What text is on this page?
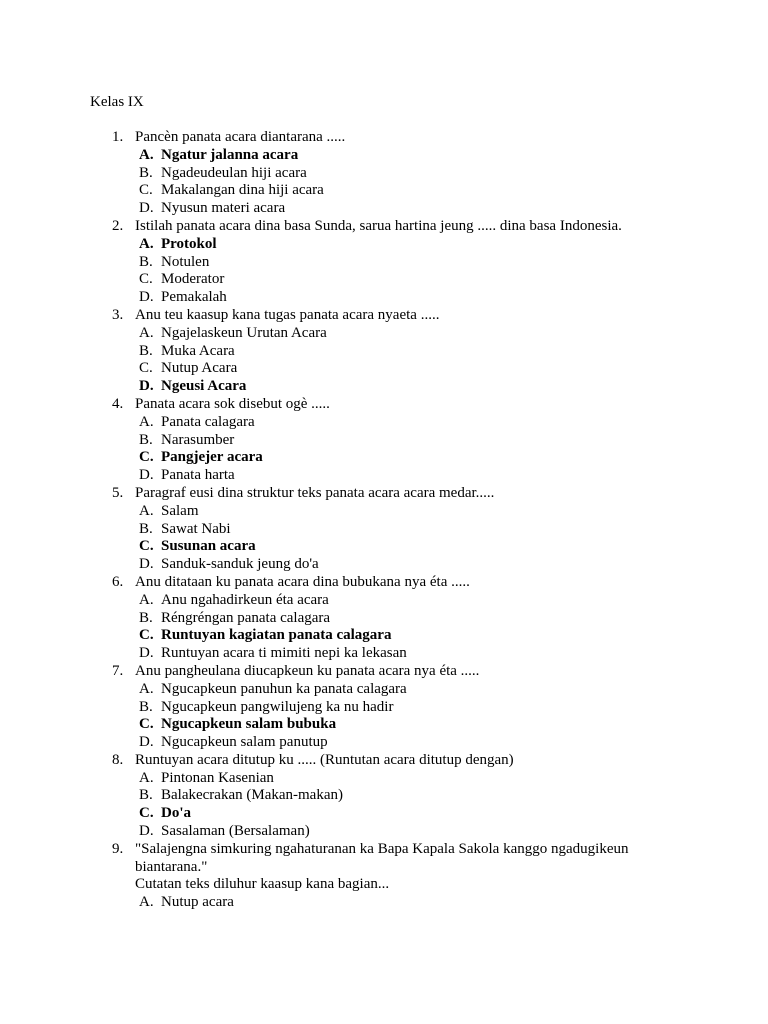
Kelas IX
1. Pancèn panata acara diantarana .....
A. Ngatur jalanna acara
B. Ngadeudeulan hiji acara
C. Makalangan dina hiji acara
D. Nyusun materi acara
2. Istilah panata acara dina basa Sunda, sarua hartina jeung ..... dina basa Indonesia.
A. Protokol
B. Notulen
C. Moderator
D. Pemakalah
3. Anu teu kaasup kana tugas panata acara nyaeta .....
A. Ngajelaskeun Urutan Acara
B. Muka Acara
C. Nutup Acara
D. Ngeusi Acara
4. Panata acara sok disebut ogè .....
A. Panata calagara
B. Narasumber
C. Pangjejer acara
D. Panata harta
5. Paragraf eusi dina struktur teks panata acara acara medar.....
A. Salam
B. Sawat Nabi
C. Susunan acara
D. Sanduk-sanduk jeung do'a
6. Anu ditataan ku panata acara dina bubukana nya éta .....
A. Anu ngahadirkeun éta acara
B. Réngréngan panata calagara
C. Runtuyan kagiatan panata calagara
D. Runtuyan acara ti mimiti nepi ka lekasan
7. Anu pangheulana diucapkeun ku panata acara nya éta .....
A. Ngucapkeun panuhun ka panata calagara
B. Ngucapkeun pangwilujeng ka nu hadir
C. Ngucapkeun salam bubuka
D. Ngucapkeun salam panutup
8. Runtuyan acara ditutup ku ..... (Runtutan acara ditutup dengan)
A. Pintonan Kasenian
B. Balakecrakan (Makan-makan)
C. Do'a
D. Sasalaman (Bersalaman)
9. "Salajengna simkuring ngahaturanan ka Bapa Kapala Sakola kanggo ngadugikeun
biantarana."
Cutatan teks diluhur kaasup kana bagian...
A. Nutup acara
